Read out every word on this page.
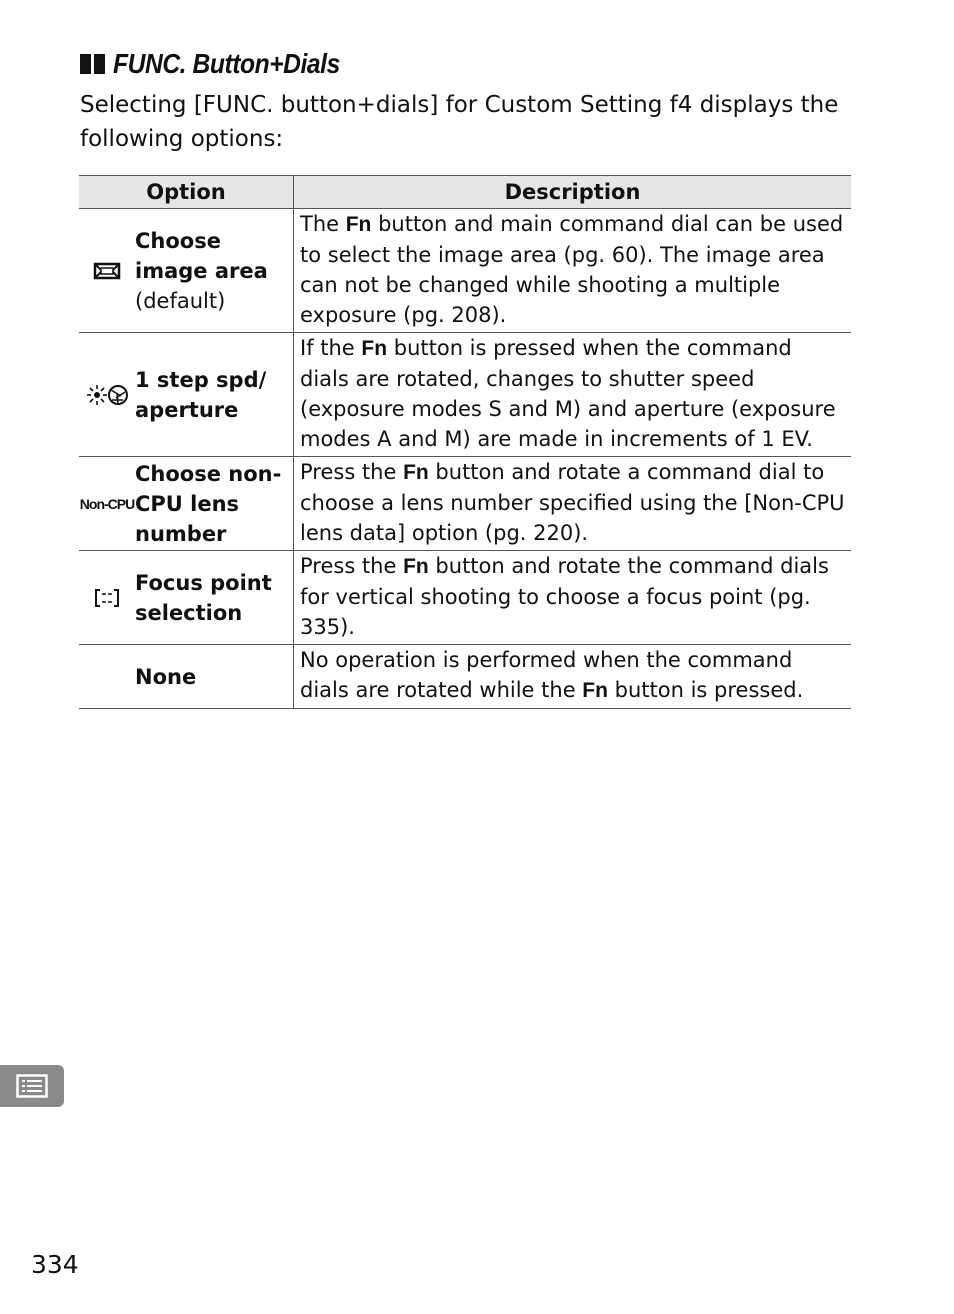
FUNC. Button+Dials

Selecting [FUNC. button+dials] for Custom Setting f4 displays the following options:

Option	Description

Choose image area
(default)	The Fn button and main command dial can be used to select the image area (pg. 60). The image area can not be changed while shooting a multiple exposure (pg. 208).

1 step spd/ aperture	If the Fn button is pressed when the command dials are rotated, changes to shutter speed (exposure modes S and M) and aperture (exposure modes A and M) are made in increments of 1 EV.

Non-CPU
Choose non-CPU lens number	Press the Fn button and rotate a command dial to choose a lens number specified using the [Non-CPU lens data] option (pg. 220).

Focus point selection	Press the Fn button and rotate the command dials for vertical shooting to choose a focus point (pg. 335).

None	No operation is performed when the command dials are rotated while the Fn button is pressed.
334
